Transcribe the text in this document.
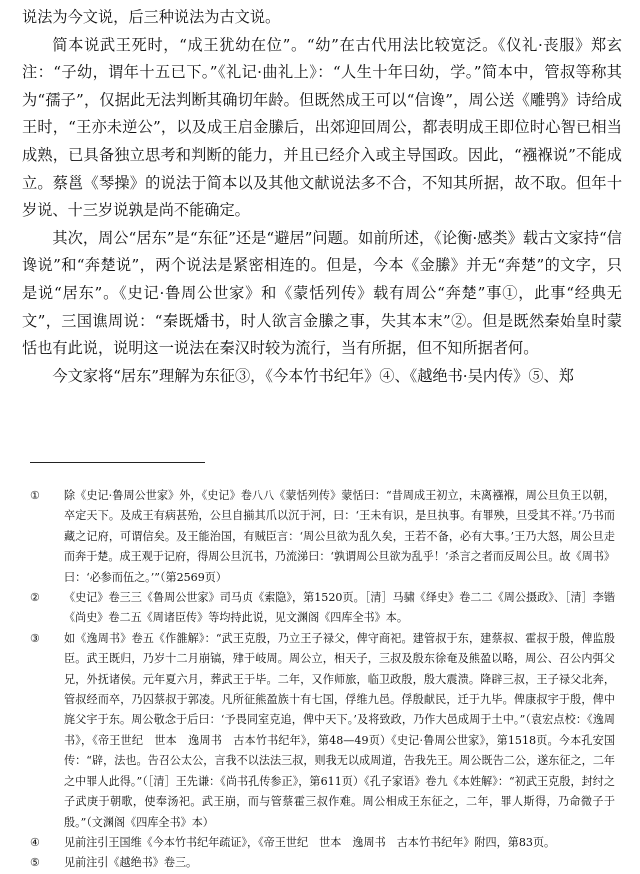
说法为今文说，后三种说法为古文说。

简本说武王死时，“成王犹幼在位”。“幼”在古代用法比较宽泛。《仪礼·丧服》郑玄注：“子幼，谓年十五已下。”《礼记·曲礼上》：“人生十年曰幼，学。”简本中，管叔等称其为“孺子”，仅据此无法判断其确切年龄。但既然成王可以“信谗”，周公送《雕鸮》诗给成王时，“王亦未逆公”，以及成王启金縢后，出郊迎回周公，都表明成王即位时心智已相当成熟，已具备独立思考和判断的能力，并且已经介入或主导国政。因此，“襁褓说”不能成立。蔡邕《琴操》的说法于简本以及其他文献说法多不合，不知其所据，故不取。但年十岁说、十三岁说孰是尚不能确定。

其次，周公“居东”是“东征”还是“避居”问题。如前所述，《论衡·感类》载古文家持“信谗说”和“奔楚说”，两个说法是紧密相连的。但是，今本《金縢》并无“奔楚”的文字，只是说“居东”。《史记·鲁周公世家》和《蒙恬列传》载有周公“奔楚”事①，此事“经典无文”，三国谯周说：“秦既燔书，时人欲言金縢之事，失其本末”②。但是既然秦始皇时蒙恬也有此说，说明这一说法在秦汉时较为流行，当有所据，但不知所据者何。

今文家将“居东”理解为东征③，《今本竹书纪年》④、《越绝书·吴内传》⑤、郑

①	除《史记·鲁周公世家》外，《史记》卷八八《蒙恬列传》蒙恬曰：“昔周成王初立，未离襁褓，周公旦负王以朝，卒定天下。及成王有病甚殆，公旦自揃其爪以沉于河，曰：‘王未有识，是旦执事。有罪殃，旦受其不祥。’乃书而藏之记府，可谓信矣。及王能治国，有贼臣言：‘周公旦欲为乱久矣，王若不备，必有大事。’王乃大怒，周公旦走而奔于楚。成王观于记府，得周公旦沉书，乃流涕曰：‘孰谓周公旦欲为乱乎！’杀言之者而反周公旦。故《周书》曰：‘必参而伍之。’”（第2569页）
②	《史记》卷三三《鲁周公世家》司马贞《索隐》，第1520页。［清］马骕《绎史》卷二二《周公摄政》、［清］李锴《尚史》卷二五《周诸臣传》等均持此说，见文渊阁《四库全书》本。
③	如《逸周书》卷五《作雒解》：“武王克殷，乃立王子禄父，俾守商祀。建管叔于东，建蔡叔、霍叔于殷，俾监殷臣。武王既归，乃岁十二月崩镐，肂于岐周。周公立，相天子，三叔及殷东徐奄及熊盈以略，周公、召公内弭父兄，外抚诸侯。元年夏六月，葬武王于毕。二年，又作师旅，临卫政殷，殷大震溃。降辟三叔，王子禄父北奔，管叔经而卒，乃囚蔡叔于郭凌。凡所征熊盈族十有七国，俘维九邑。俘殷献民，迁于九毕。俾康叔宇于殷，俾中旄父宇于东。周公敬念于后曰：‘予畏同室克追，俾中天下。’及将致政，乃作大邑成周于土中。”（袁宏点校：《逸周书》，《帝王世纪　世本　逸周书　古本竹书纪年》，第48—49页）《史记·鲁周公世家》，第1518页。今本孔安国传：“辟，法也。告召公太公，言我不以法法三叔，则我无以成周道，告我先王。周公既告二公，遂东征之，二年之中罪人此得。”（［清］王先谦：《尚书孔传参正》，第611页）《孔子家语》卷九《本姓解》：“初武王克殷，封纣之子武庚于朝歌，使奉汤祀。武王崩，而与管蔡霍三叔作难。周公相成王东征之，二年，罪人斯得，乃命微子于殷。”（文渊阁《四库全书》本）
④	见前注引王国维《今本竹书纪年疏证》，《帝王世纪　世本　逸周书　古本竹书纪年》附四，第83页。
⑤	见前注引《越绝书》卷三。
